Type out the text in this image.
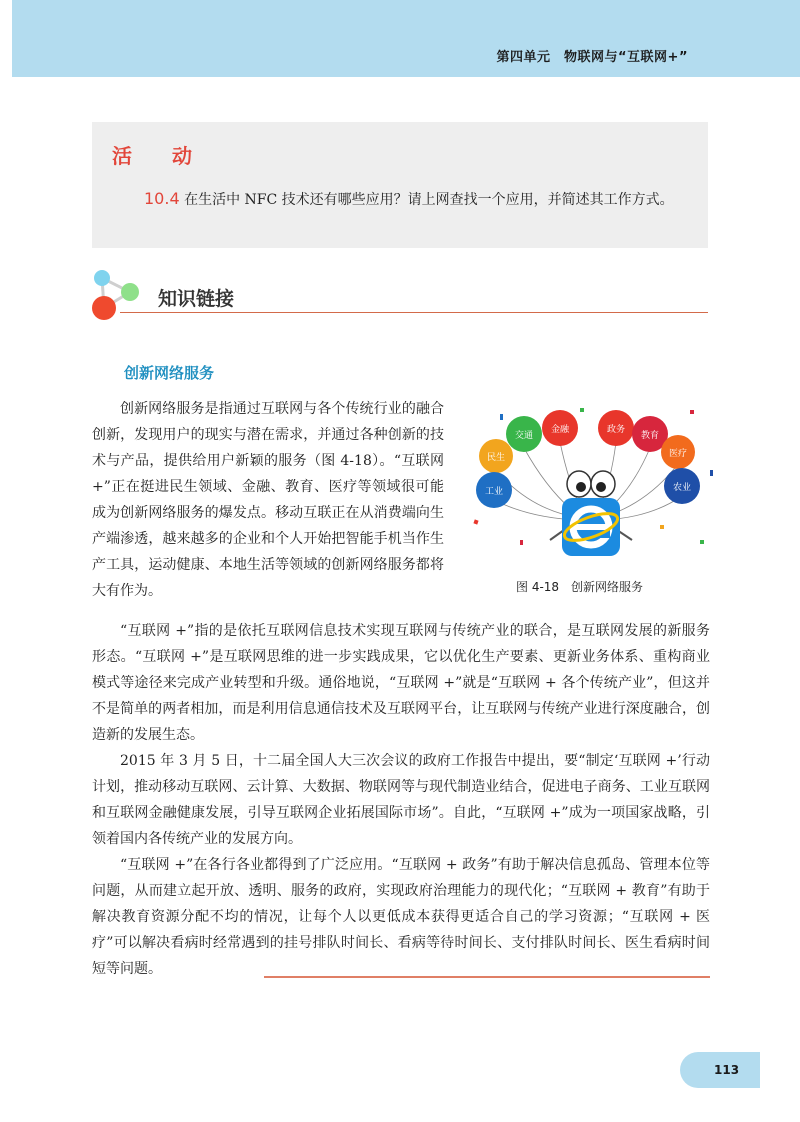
第四单元　物联网与“互联网+”
活　动
10.4 在生活中 NFC 技术还有哪些应用？请上网查找一个应用，并简述其工作方式。
知识链接
创新网络服务

创新网络服务是指通过互联网与各个传统行业的融合创新，发现用户的现实与潜在需求，并通过各种创新的技术与产品，提供给用户新颖的服务（图 4-18）。“互联网 +”正在挺进民生领域、金融、教育、医疗等领域很可能成为创新网络服务的爆发点。移动互联正在从消费端向生产端渗透，越来越多的企业和个人开始把智能手机当作生产工具，运动健康、本地生活等领域的创新网络服务都将大有作为。

民生
交通
金融	政务
教育
医疗
工业	农业
图 4-18　创新网络服务

“互联网 +”指的是依托互联网信息技术实现互联网与传统产业的联合，是互联网发展的新服务形态。“互联网 +”是互联网思维的进一步实践成果，它以优化生产要素、更新业务体系、重构商业模式等途径来完成产业转型和升级。通俗地说，“互联网 +”就是“互联网 + 各个传统产业”，但这并不是简单的两者相加，而是利用信息通信技术及互联网平台，让互联网与传统产业进行深度融合，创造新的发展生态。

2015 年 3 月 5 日，十二届全国人大三次会议的政府工作报告中提出，要“制定‘互联网 +’行动计划，推动移动互联网、云计算、大数据、物联网等与现代制造业结合，促进电子商务、工业互联网和互联网金融健康发展，引导互联网企业拓展国际市场”。自此，“互联网 +”成为一项国家战略，引领着国内各传统产业的发展方向。

“互联网 +”在各行各业都得到了广泛应用。“互联网 + 政务”有助于解决信息孤岛、管理本位等问题，从而建立起开放、透明、服务的政府，实现政府治理能力的现代化；“互联网 + 教育”有助于解决教育资源分配不均的情况，让每个人以更低成本获得更适合自己的学习资源；“互联网 + 医疗”可以解决看病时经常遇到的挂号排队时间长、看病等待时间长、支付排队时间长、医生看病时间短等问题。

113
